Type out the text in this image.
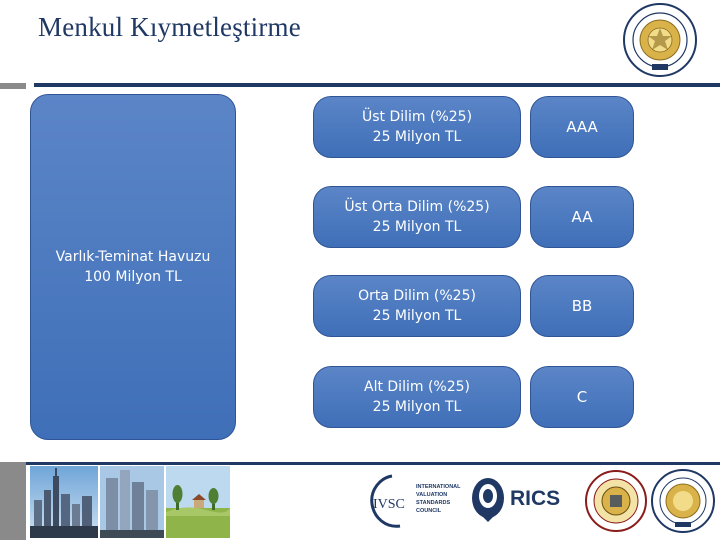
Menkul Kıymetleştirme
Varlık-Teminat Havuzu
100 Milyon TL
Üst Dilim (%25)
25 Milyon TL
AAA
Üst Orta Dilim (%25)
25 Milyon TL
AA
Orta Dilim (%25)
25 Milyon TL
BB
Alt Dilim (%25)
25 Milyon TL
C
IVSC
INTERNATIONAL
VALUATION
STANDARDS
COUNCIL
RICS
